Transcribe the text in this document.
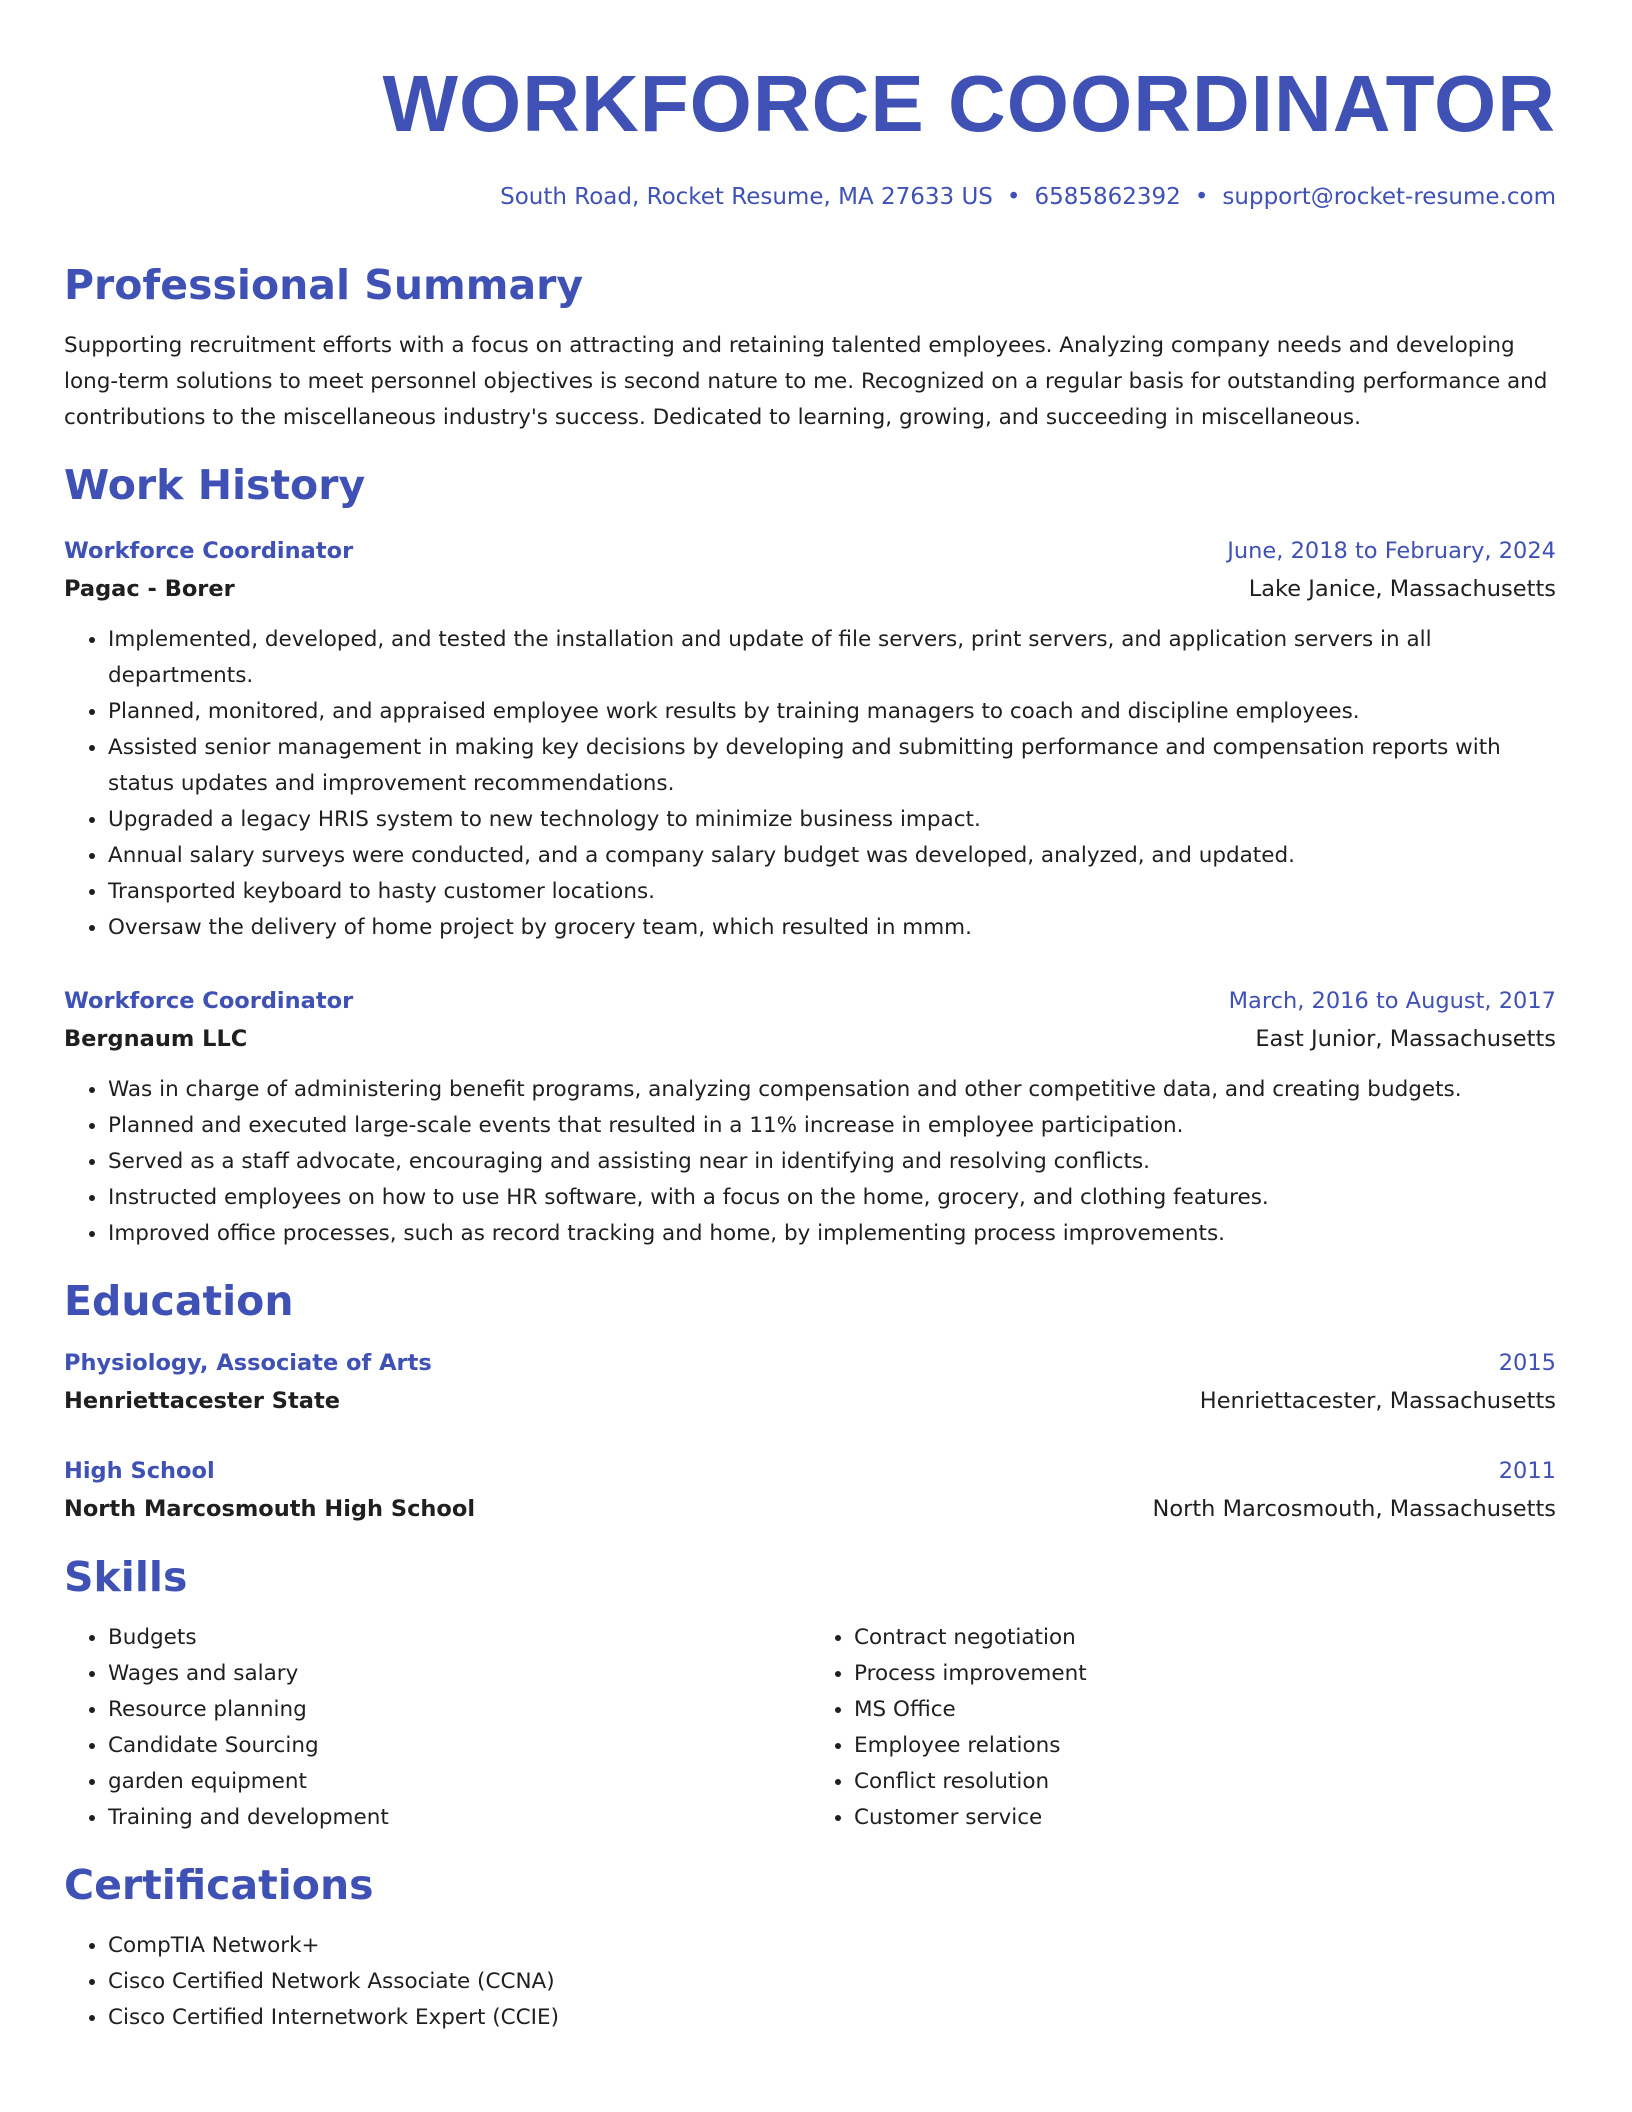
WORKFORCE COORDINATOR
South Road, Rocket Resume, MA 27633 US • 6585862392 • support@rocket-resume.com
Professional Summary
Supporting recruitment efforts with a focus on attracting and retaining talented employees. Analyzing company needs and developing long-term solutions to meet personnel objectives is second nature to me. Recognized on a regular basis for outstanding performance and contributions to the miscellaneous industry's success. Dedicated to learning, growing, and succeeding in miscellaneous.
Work History
Workforce Coordinator	June, 2018 to February, 2024
Pagac - Borer	Lake Janice, Massachusetts
• Implemented, developed, and tested the installation and update of file servers, print servers, and application servers in all departments.
• Planned, monitored, and appraised employee work results by training managers to coach and discipline employees.
• Assisted senior management in making key decisions by developing and submitting performance and compensation reports with status updates and improvement recommendations.
• Upgraded a legacy HRIS system to new technology to minimize business impact.
• Annual salary surveys were conducted, and a company salary budget was developed, analyzed, and updated.
• Transported keyboard to hasty customer locations.
• Oversaw the delivery of home project by grocery team, which resulted in mmm.
Workforce Coordinator	March, 2016 to August, 2017
Bergnaum LLC	East Junior, Massachusetts
• Was in charge of administering benefit programs, analyzing compensation and other competitive data, and creating budgets.
• Planned and executed large-scale events that resulted in a 11% increase in employee participation.
• Served as a staff advocate, encouraging and assisting near in identifying and resolving conflicts.
• Instructed employees on how to use HR software, with a focus on the home, grocery, and clothing features.
• Improved office processes, such as record tracking and home, by implementing process improvements.
Education
Physiology, Associate of Arts	2015
Henriettacester State	Henriettacester, Massachusetts
High School	2011
North Marcosmouth High School	North Marcosmouth, Massachusetts
Skills
• Budgets
• Wages and salary
• Resource planning
• Candidate Sourcing
• garden equipment
• Training and development
• Contract negotiation
• Process improvement
• MS Office
• Employee relations
• Conflict resolution
• Customer service
Certifications
• CompTIA Network+
• Cisco Certified Network Associate (CCNA)
• Cisco Certified Internetwork Expert (CCIE)
